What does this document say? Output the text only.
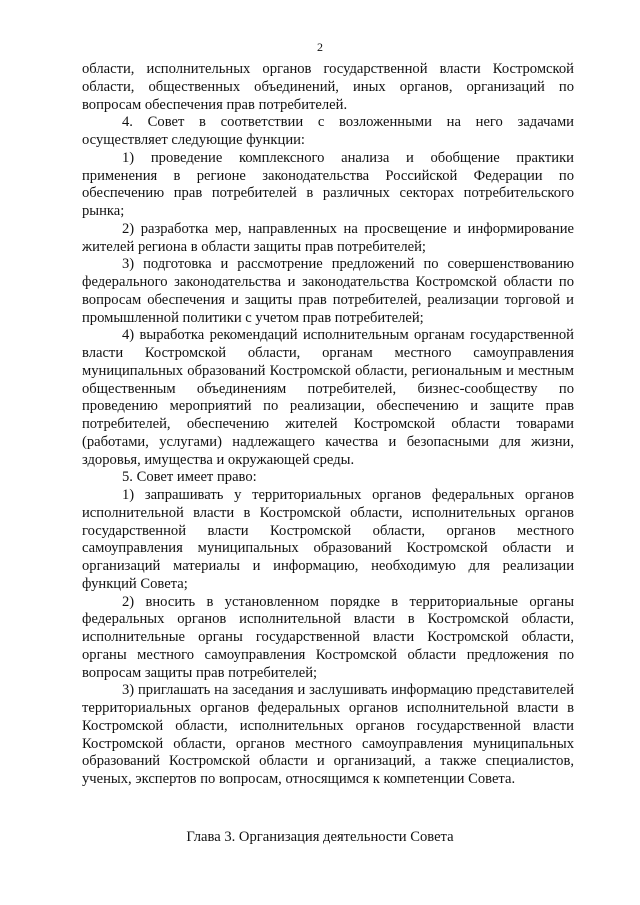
2

области, исполнительных органов государственной власти Костромской области, общественных объединений, иных органов, организаций по вопросам обеспечения прав потребителей.

4. Совет в соответствии с возложенными на него задачами осуществляет следующие функции:

1) проведение комплексного анализа и обобщение практики применения в регионе законодательства Российской Федерации по обеспечению прав потребителей в различных секторах потребительского рынка;

2) разработка мер, направленных на просвещение и информирование жителей региона в области защиты прав потребителей;

3) подготовка и рассмотрение предложений по совершенствованию федерального законодательства и законодательства Костромской области по вопросам обеспечения и защиты прав потребителей, реализации торговой и промышленной политики с учетом прав потребителей;

4) выработка рекомендаций исполнительным органам государственной власти Костромской области, органам местного самоуправления муниципальных образований Костромской области, региональным и местным общественным объединениям потребителей, бизнес-сообществу по проведению мероприятий по реализации, обеспечению и защите прав потребителей, обеспечению жителей Костромской области товарами (работами, услугами) надлежащего качества и безопасными для жизни, здоровья, имущества и окружающей среды.

5. Совет имеет право:

1) запрашивать у территориальных органов федеральных органов исполнительной власти в Костромской области, исполнительных органов государственной власти Костромской области, органов местного самоуправления муниципальных образований Костромской области и организаций материалы и информацию, необходимую для реализации функций Совета;

2) вносить в установленном порядке в территориальные органы федеральных органов исполнительной власти в Костромской области, исполнительные органы государственной власти Костромской области, органы местного самоуправления Костромской области предложения по вопросам защиты прав потребителей;

3) приглашать на заседания и заслушивать информацию представителей территориальных органов федеральных органов исполнительной власти в Костромской области, исполнительных органов государственной власти Костромской области, органов местного самоуправления муниципальных образований Костромской области и организаций, а также специалистов, ученых, экспертов по вопросам, относящимся к компетенции Совета.

Глава 3. Организация деятельности Совета
